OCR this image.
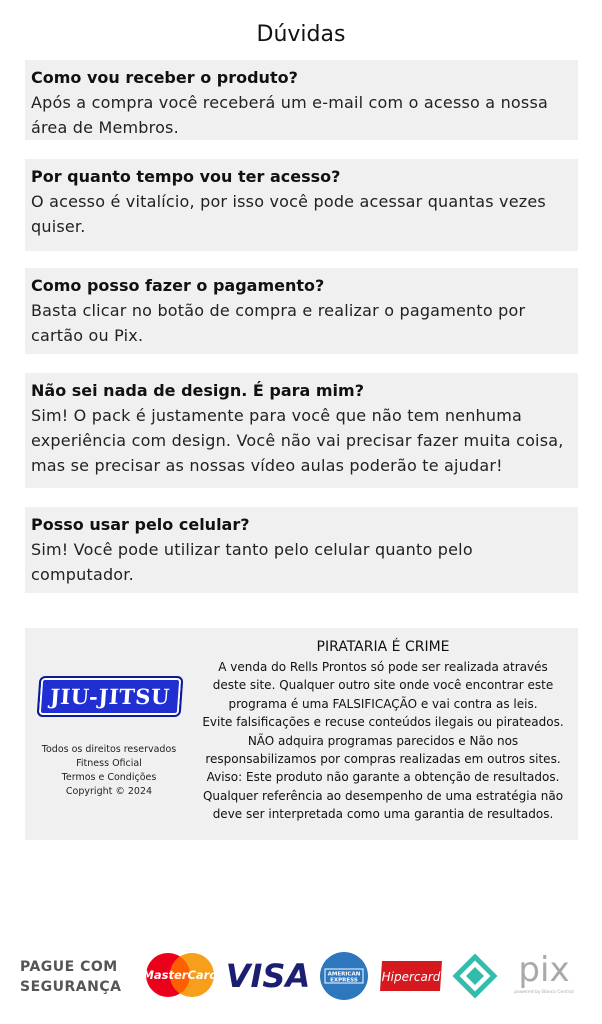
Dúvidas
Como vou receber o produto?
Após a compra você receberá um e-mail com o acesso a nossa área de Membros.
Por quanto tempo vou ter acesso?
O acesso é vitalício, por isso você pode acessar quantas vezes quiser.
Como posso fazer o pagamento?
Basta clicar no botão de compra e realizar o pagamento por cartão ou Pix.
Não sei nada de design. É para mim?
Sim! O pack é justamente para você que não tem nenhuma experiência com design. Você não vai precisar fazer muita coisa, mas se precisar as nossas vídeo aulas poderão te ajudar!
Posso usar pelo celular?
Sim! Você pode utilizar tanto pelo celular quanto pelo computador.
JIU-JITSU
Todos os direitos reservados
Fitness Oficial
Termos e Condições
Copyright © 2024
PIRATARIA É CRIME
A venda do Rells Prontos só pode ser realizada através
deste site. Qualquer outro site onde você encontrar este
programa é uma FALSIFICAÇÃO e vai contra as leis.
Evite falsificações e recuse conteúdos ilegais ou pirateados.
NÃO adquira programas parecidos e Não nos
responsabilizamos por compras realizadas em outros sites.
Aviso: Este produto não garante a obtenção de resultados.
Qualquer referência ao desempenho de uma estratégia não
deve ser interpretada como uma garantia de resultados.
PAGUE COM
SEGURANÇA
MasterCard VISA	AMERICAN
EXPRESS Hipercard pix
powered by Banco Central
